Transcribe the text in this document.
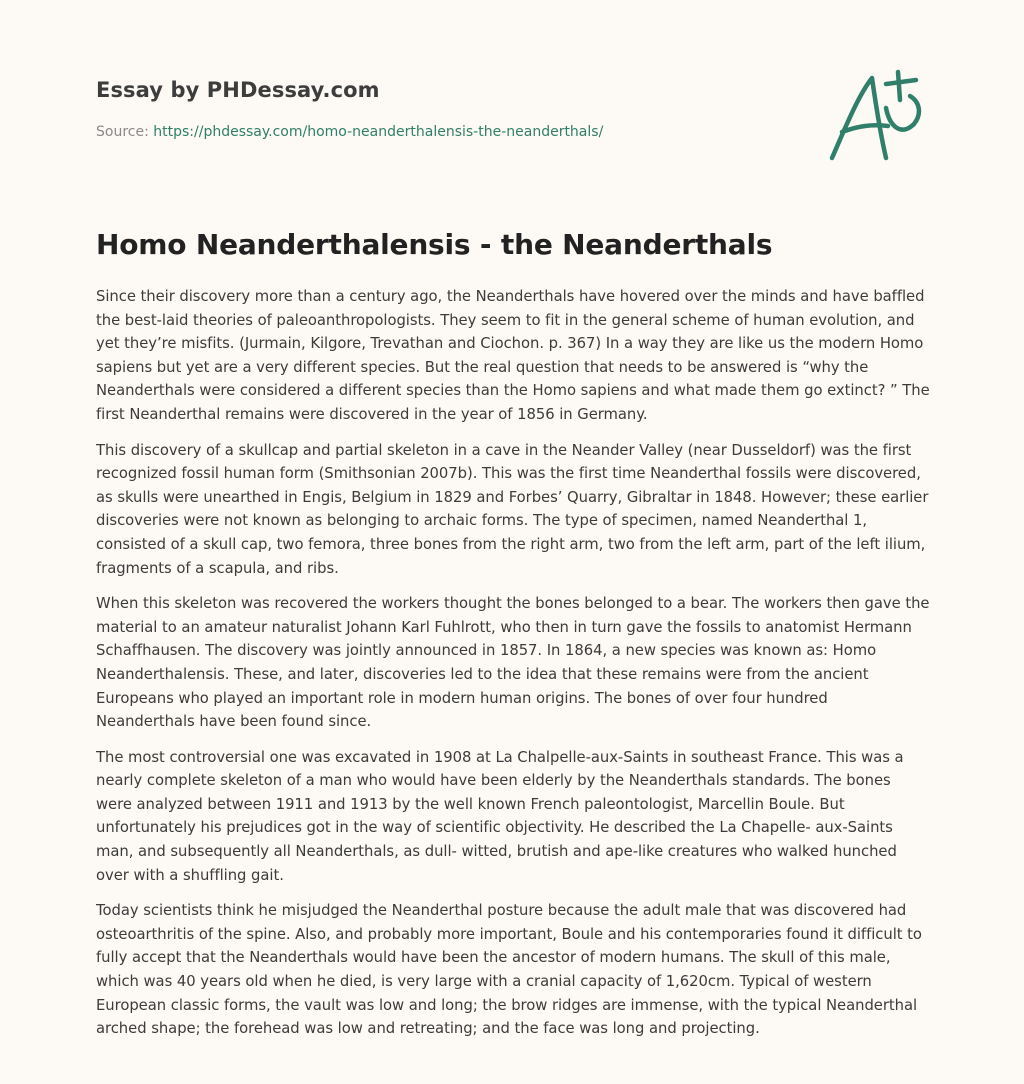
Essay by PHDessay.com
Source: https://phdessay.com/homo-neanderthalensis-the-neanderthals/
Homo Neanderthalensis - the Neanderthals

Since their discovery more than a century ago, the Neanderthals have hovered over the minds and have baffled the best-laid theories of paleoanthropologists. They seem to fit in the general scheme of human evolution, and yet they’re misfits. (Jurmain, Kilgore, Trevathan and Ciochon. p. 367) In a way they are like us the modern Homo sapiens but yet are a very different species. But the real question that needs to be answered is “why the Neanderthals were considered a different species than the Homo sapiens and what made them go extinct? ” The first Neanderthal remains were discovered in the year of 1856 in Germany.

This discovery of a skullcap and partial skeleton in a cave in the Neander Valley (near Dusseldorf) was the first recognized fossil human form (Smithsonian 2007b). This was the first time Neanderthal fossils were discovered, as skulls were unearthed in Engis, Belgium in 1829 and Forbes’ Quarry, Gibraltar in 1848. However; these earlier discoveries were not known as belonging to archaic forms. The type of specimen, named Neanderthal 1, consisted of a skull cap, two femora, three bones from the right arm, two from the left arm, part of the left ilium, fragments of a scapula, and ribs.

When this skeleton was recovered the workers thought the bones belonged to a bear. The workers then gave the material to an amateur naturalist Johann Karl Fuhlrott, who then in turn gave the fossils to anatomist Hermann Schaffhausen. The discovery was jointly announced in 1857. In 1864, a new species was known as: Homo Neanderthalensis. These, and later, discoveries led to the idea that these remains were from the ancient Europeans who played an important role in modern human origins. The bones of over four hundred Neanderthals have been found since.

The most controversial one was excavated in 1908 at La Chalpelle-aux-Saints in southeast France. This was a nearly complete skeleton of a man who would have been elderly by the Neanderthals standards. The bones were analyzed between 1911 and 1913 by the well known French paleontologist, Marcellin Boule. But unfortunately his prejudices got in the way of scientific objectivity. He described the La Chapelle- aux-Saints man, and subsequently all Neanderthals, as dull- witted, brutish and ape-like creatures who walked hunched over with a shuffling gait.

Today scientists think he misjudged the Neanderthal posture because the adult male that was discovered had osteoarthritis of the spine. Also, and probably more important, Boule and his contemporaries found it difficult to fully accept that the Neanderthals would have been the ancestor of modern humans. The skull of this male, which was 40 years old when he died, is very large with a cranial capacity of 1,620cm. Typical of western European classic forms, the vault was low and long; the brow ridges are immense, with the typical Neanderthal arched shape; the forehead was low and retreating; and the face was long and projecting.
